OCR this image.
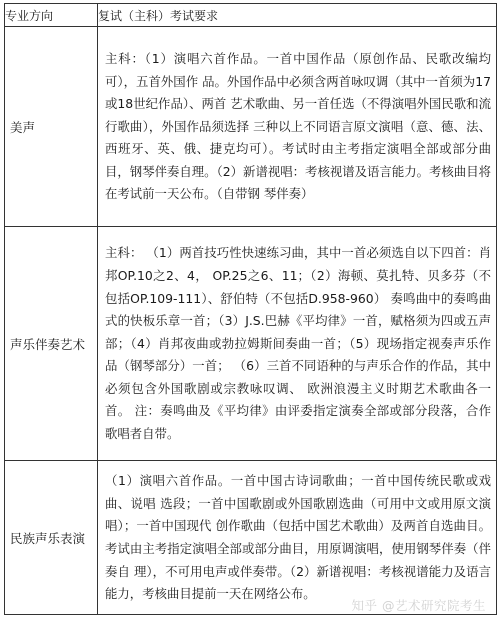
专业方向	复试（主科）考试要求
美声	主科：（1）演唱六首作品。一首中国作品（原创作品、民歌改编均可），五首外国作 品。外国作品中必须含两首咏叹调（其中一首须为17或18世纪作品）、两首 艺术歌曲、另一首任选（不得演唱外国民歌和流行歌曲），外国作品须选择 三种以上不同语言原文演唱（意、德、法、西班牙、英、俄、捷克均可）。考试时由主考指定演唱全部或部分曲目，钢琴伴奏自理。（2）新谱视唱：考核视谱及语言能力。考核曲目将在考试前一天公布。（自带钢 琴伴奏）
声乐伴奏艺术	主科： （1）两首技巧性快速练习曲，其中一首必须选自以下四首：肖邦OP.10之2、4， OP.25之6、11；（2）海顿、莫扎特、贝多芬（不包括OP.109-111）、舒伯特（不包括D.958-960） 奏鸣曲中的奏鸣曲式的快板乐章一首；（3）J.S.巴赫《平均律》一首，赋格须为四或五声部；（4）肖邦夜曲或勃拉姆斯间奏曲一首；（5）现场指定视奏声乐作品（钢琴部分）一首； （6）三首不同语种的与声乐合作的作品，其中必须包含外国歌剧或宗教咏叹调、 欧洲浪漫主义时期艺术歌曲各一首。 注：奏鸣曲及《平均律》由评委指定演奏全部或部分段落，合作歌唱者自带。
民族声乐表演	（1）演唱六首作品。一首中国古诗词歌曲；一首中国传统民歌或戏曲、说唱 选段；一首中国歌剧或外国歌剧选曲（可用中文或用原文演唱）；一首中国现代 创作歌曲（包括中国艺术歌曲）及两首自选曲目。 考试由主考指定演唱全部或部分曲目，用原调演唱，使用钢琴伴奏（伴奏自 理），不可用电声或伴奏带。（2）新谱视唱：考核视谱能力及语言能力，考核曲目提前一天在网络公布。
知乎 @艺术研究院考生
